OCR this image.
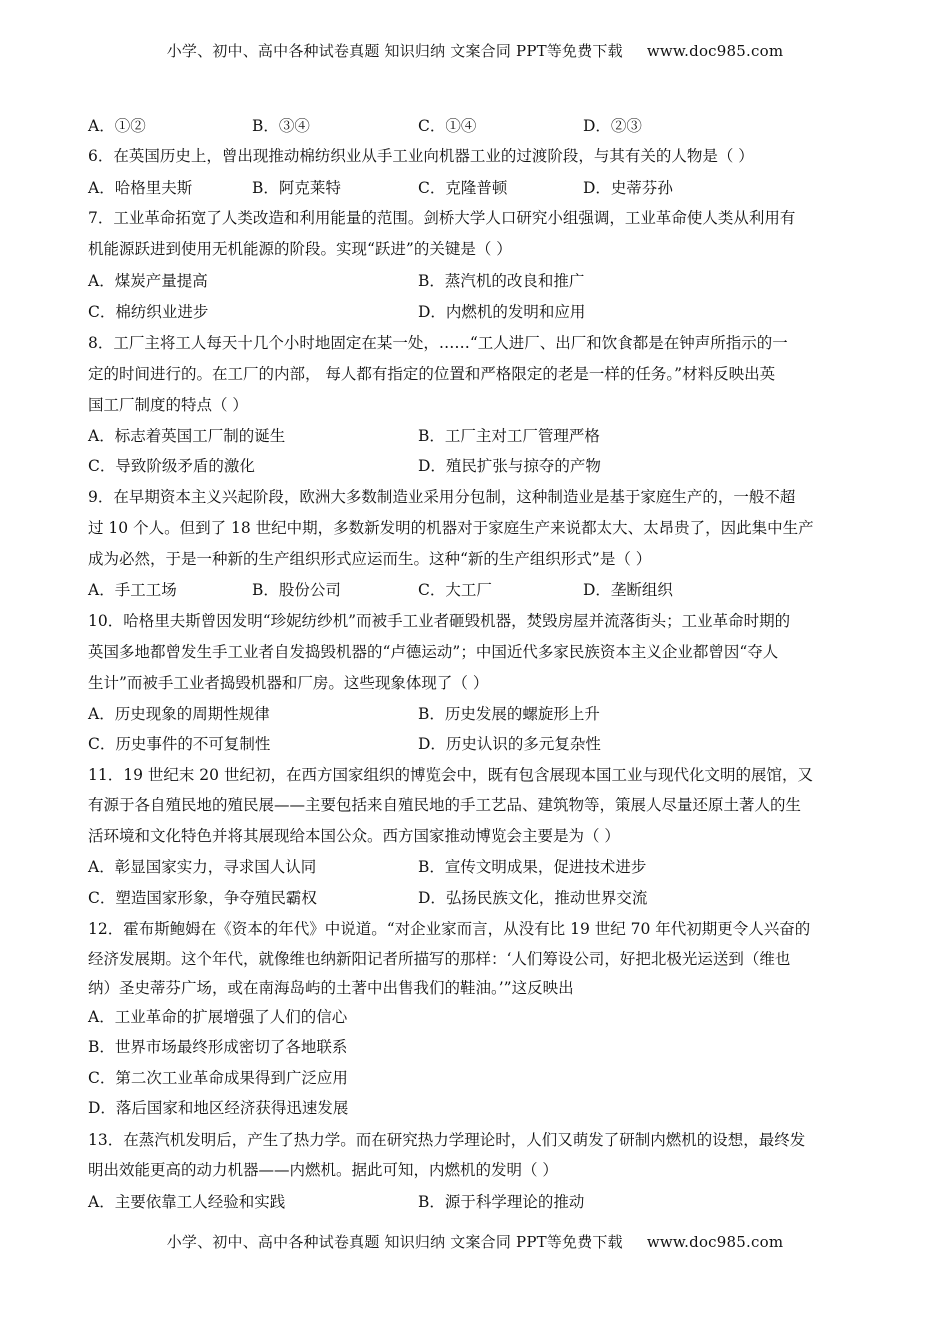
小学、初中、高中各种试卷真题 知识归纳 文案合同 PPT等免费下载 www.doc985.com
A．①②	B．③④	C．①④	D．②③
6．在英国历史上，曾出现推动棉纺织业从手工业向机器工业的过渡阶段，与其有关的人物是（ ）
A．哈格里夫斯	B．阿克莱特	C．克隆普顿	D．史蒂芬孙
7．工业革命拓宽了人类改造和利用能量的范围。剑桥大学人口研究小组强调，工业革命使人类从利用有
机能源跃进到使用无机能源的阶段。实现“跃进”的关键是（ ）
A．煤炭产量提高	B．蒸汽机的改良和推广
C．棉纺织业进步	D．内燃机的发明和应用
8．工厂主将工人每天十几个小时地固定在某一处，……“工人进厂、出厂和饮食都是在钟声所指示的一
定的时间进行的。在工厂的内部， 每人都有指定的位置和严格限定的老是一样的任务。”材料反映出英
国工厂制度的特点（ ）
A．标志着英国工厂制的诞生	B．工厂主对工厂管理严格
C．导致阶级矛盾的激化	D．殖民扩张与掠夺的产物
9．在早期资本主义兴起阶段，欧洲大多数制造业采用分包制，这种制造业是基于家庭生产的，一般不超
过 10 个人。但到了 18 世纪中期，多数新发明的机器对于家庭生产来说都太大、太昂贵了，因此集中生产
成为必然，于是一种新的生产组织形式应运而生。这种“新的生产组织形式”是（ ）
A．手工工场	B．股份公司	C．大工厂	D．垄断组织
10．哈格里夫斯曾因发明“珍妮纺纱机”而被手工业者砸毁机器，焚毁房屋并流落街头；工业革命时期的
英国多地都曾发生手工业者自发捣毁机器的“卢德运动”；中国近代多家民族资本主义企业都曾因“夺人
生计”而被手工业者捣毁机器和厂房。这些现象体现了（ ）
A．历史现象的周期性规律	B．历史发展的螺旋形上升
C．历史事件的不可复制性	D．历史认识的多元复杂性
11．19 世纪末 20 世纪初，在西方国家组织的博览会中，既有包含展现本国工业与现代化文明的展馆，又
有源于各自殖民地的殖民展——主要包括来自殖民地的手工艺品、建筑物等，策展人尽量还原土著人的生
活环境和文化特色并将其展现给本国公众。西方国家推动博览会主要是为（ ）
A．彰显国家实力，寻求国人认同	B．宣传文明成果，促进技术进步
C．塑造国家形象，争夺殖民霸权	D．弘扬民族文化，推动世界交流
12．霍布斯鲍姆在《资本的年代》中说道。“对企业家而言，从没有比 19 世纪 70 年代初期更令人兴奋的
经济发展期。这个年代，就像维也纳新阳记者所描写的那样：‘人们筹设公司，好把北极光运送到（维也
纳）圣史蒂芬广场，或在南海岛屿的土著中出售我们的鞋油。’”这反映出
A．工业革命的扩展增强了人们的信心
B．世界市场最终形成密切了各地联系
C．第二次工业革命成果得到广泛应用
D．落后国家和地区经济获得迅速发展
13．在蒸汽机发明后，产生了热力学。而在研究热力学理论时，人们又萌发了研制内燃机的设想，最终发
明出效能更高的动力机器——内燃机。据此可知，内燃机的发明（ ）
A．主要依靠工人经验和实践	B．源于科学理论的推动
小学、初中、高中各种试卷真题 知识归纳 文案合同 PPT等免费下载 www.doc985.com
